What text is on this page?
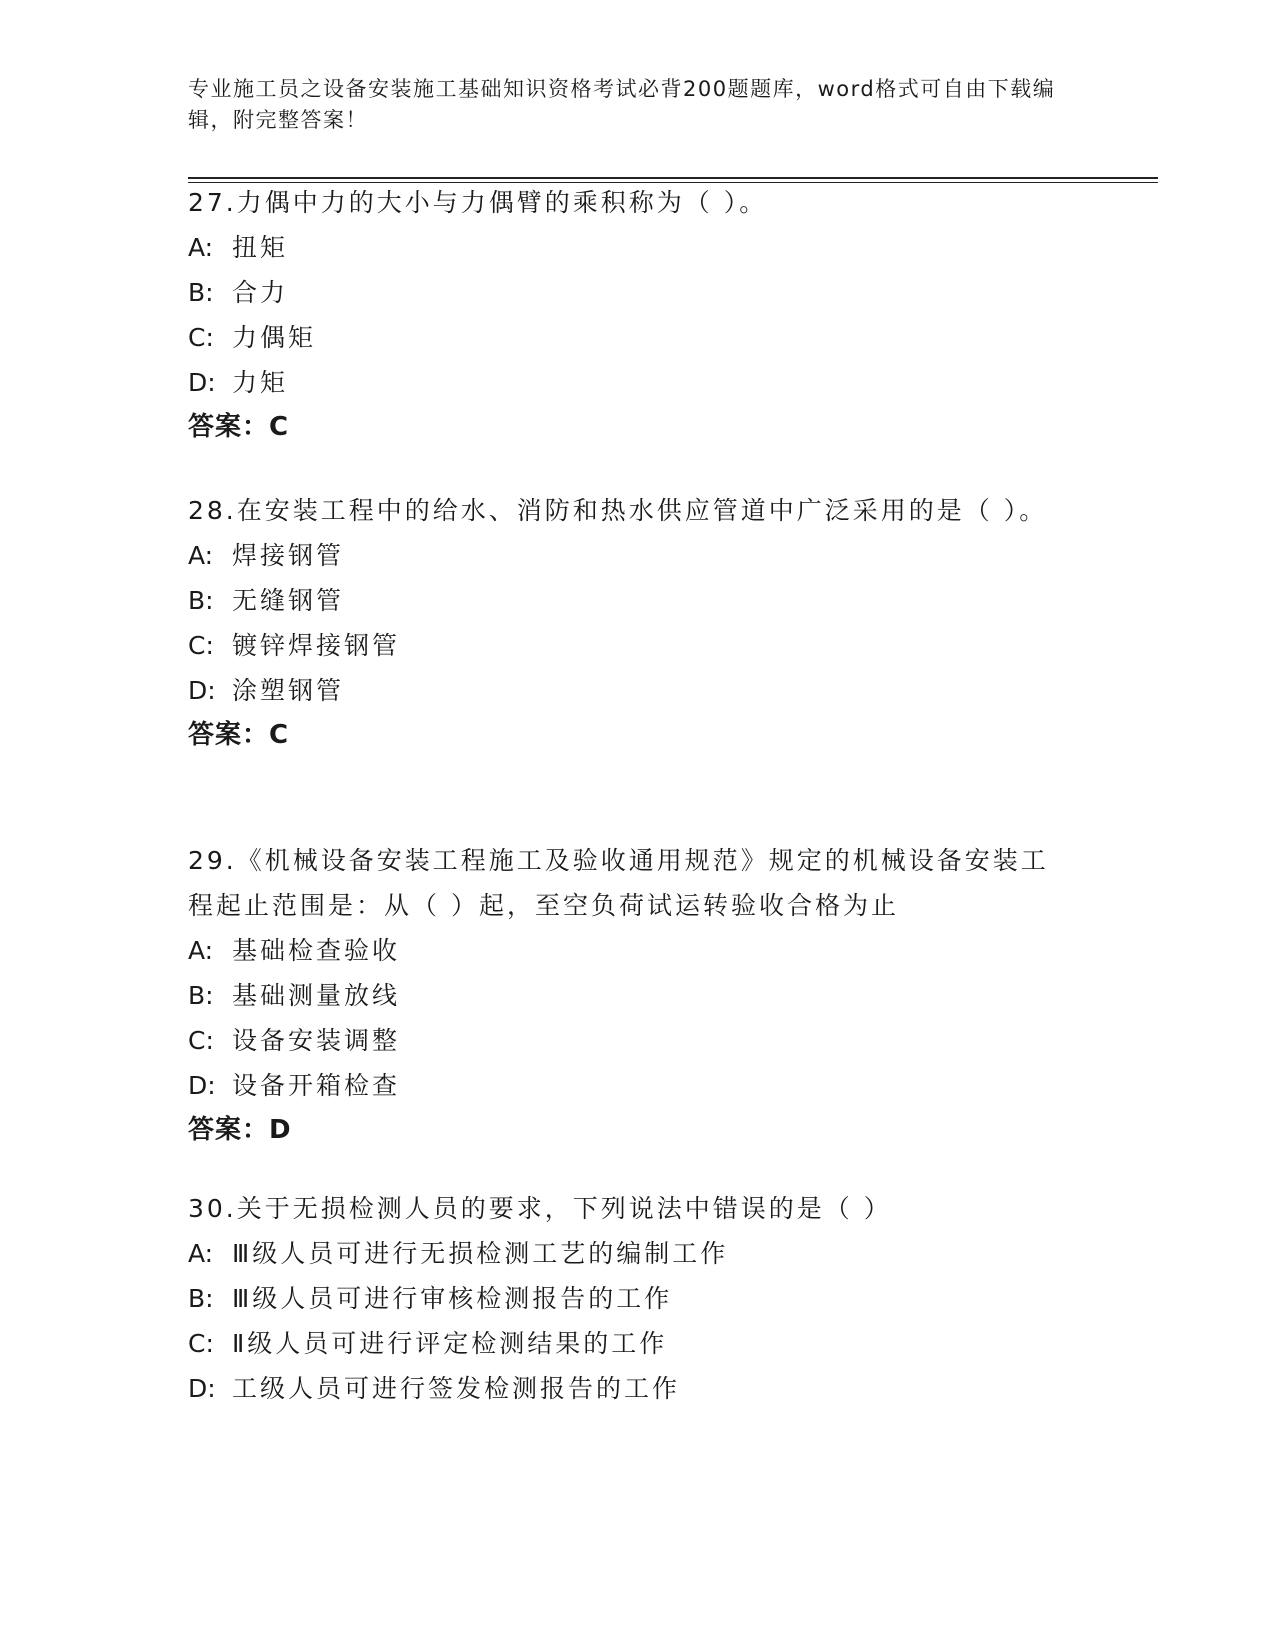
专业施工员之设备安装施工基础知识资格考试必背200题题库，word格式可自由下载编辑，附完整答案！
27.力偶中力的大小与力偶臂的乘积称为（ ）。
A: 扭矩
B: 合力
C: 力偶矩
D: 力矩
答案：C
28.在安装工程中的给水、消防和热水供应管道中广泛采用的是（ ）。
A: 焊接钢管
B: 无缝钢管
C: 镀锌焊接钢管
D: 涂塑钢管
答案：C
29.《机械设备安装工程施工及验收通用规范》规定的机械设备安装工程起止范围是：从（ ）起，至空负荷试运转验收合格为止
A: 基础检查验收
B: 基础测量放线
C: 设备安装调整
D: 设备开箱检查
答案：D
30.关于无损检测人员的要求，下列说法中错误的是（ ）
A: Ⅲ级人员可进行无损检测工艺的编制工作
B: Ⅲ级人员可进行审核检测报告的工作
C: Ⅱ级人员可进行评定检测结果的工作
D: 工级人员可进行签发检测报告的工作
